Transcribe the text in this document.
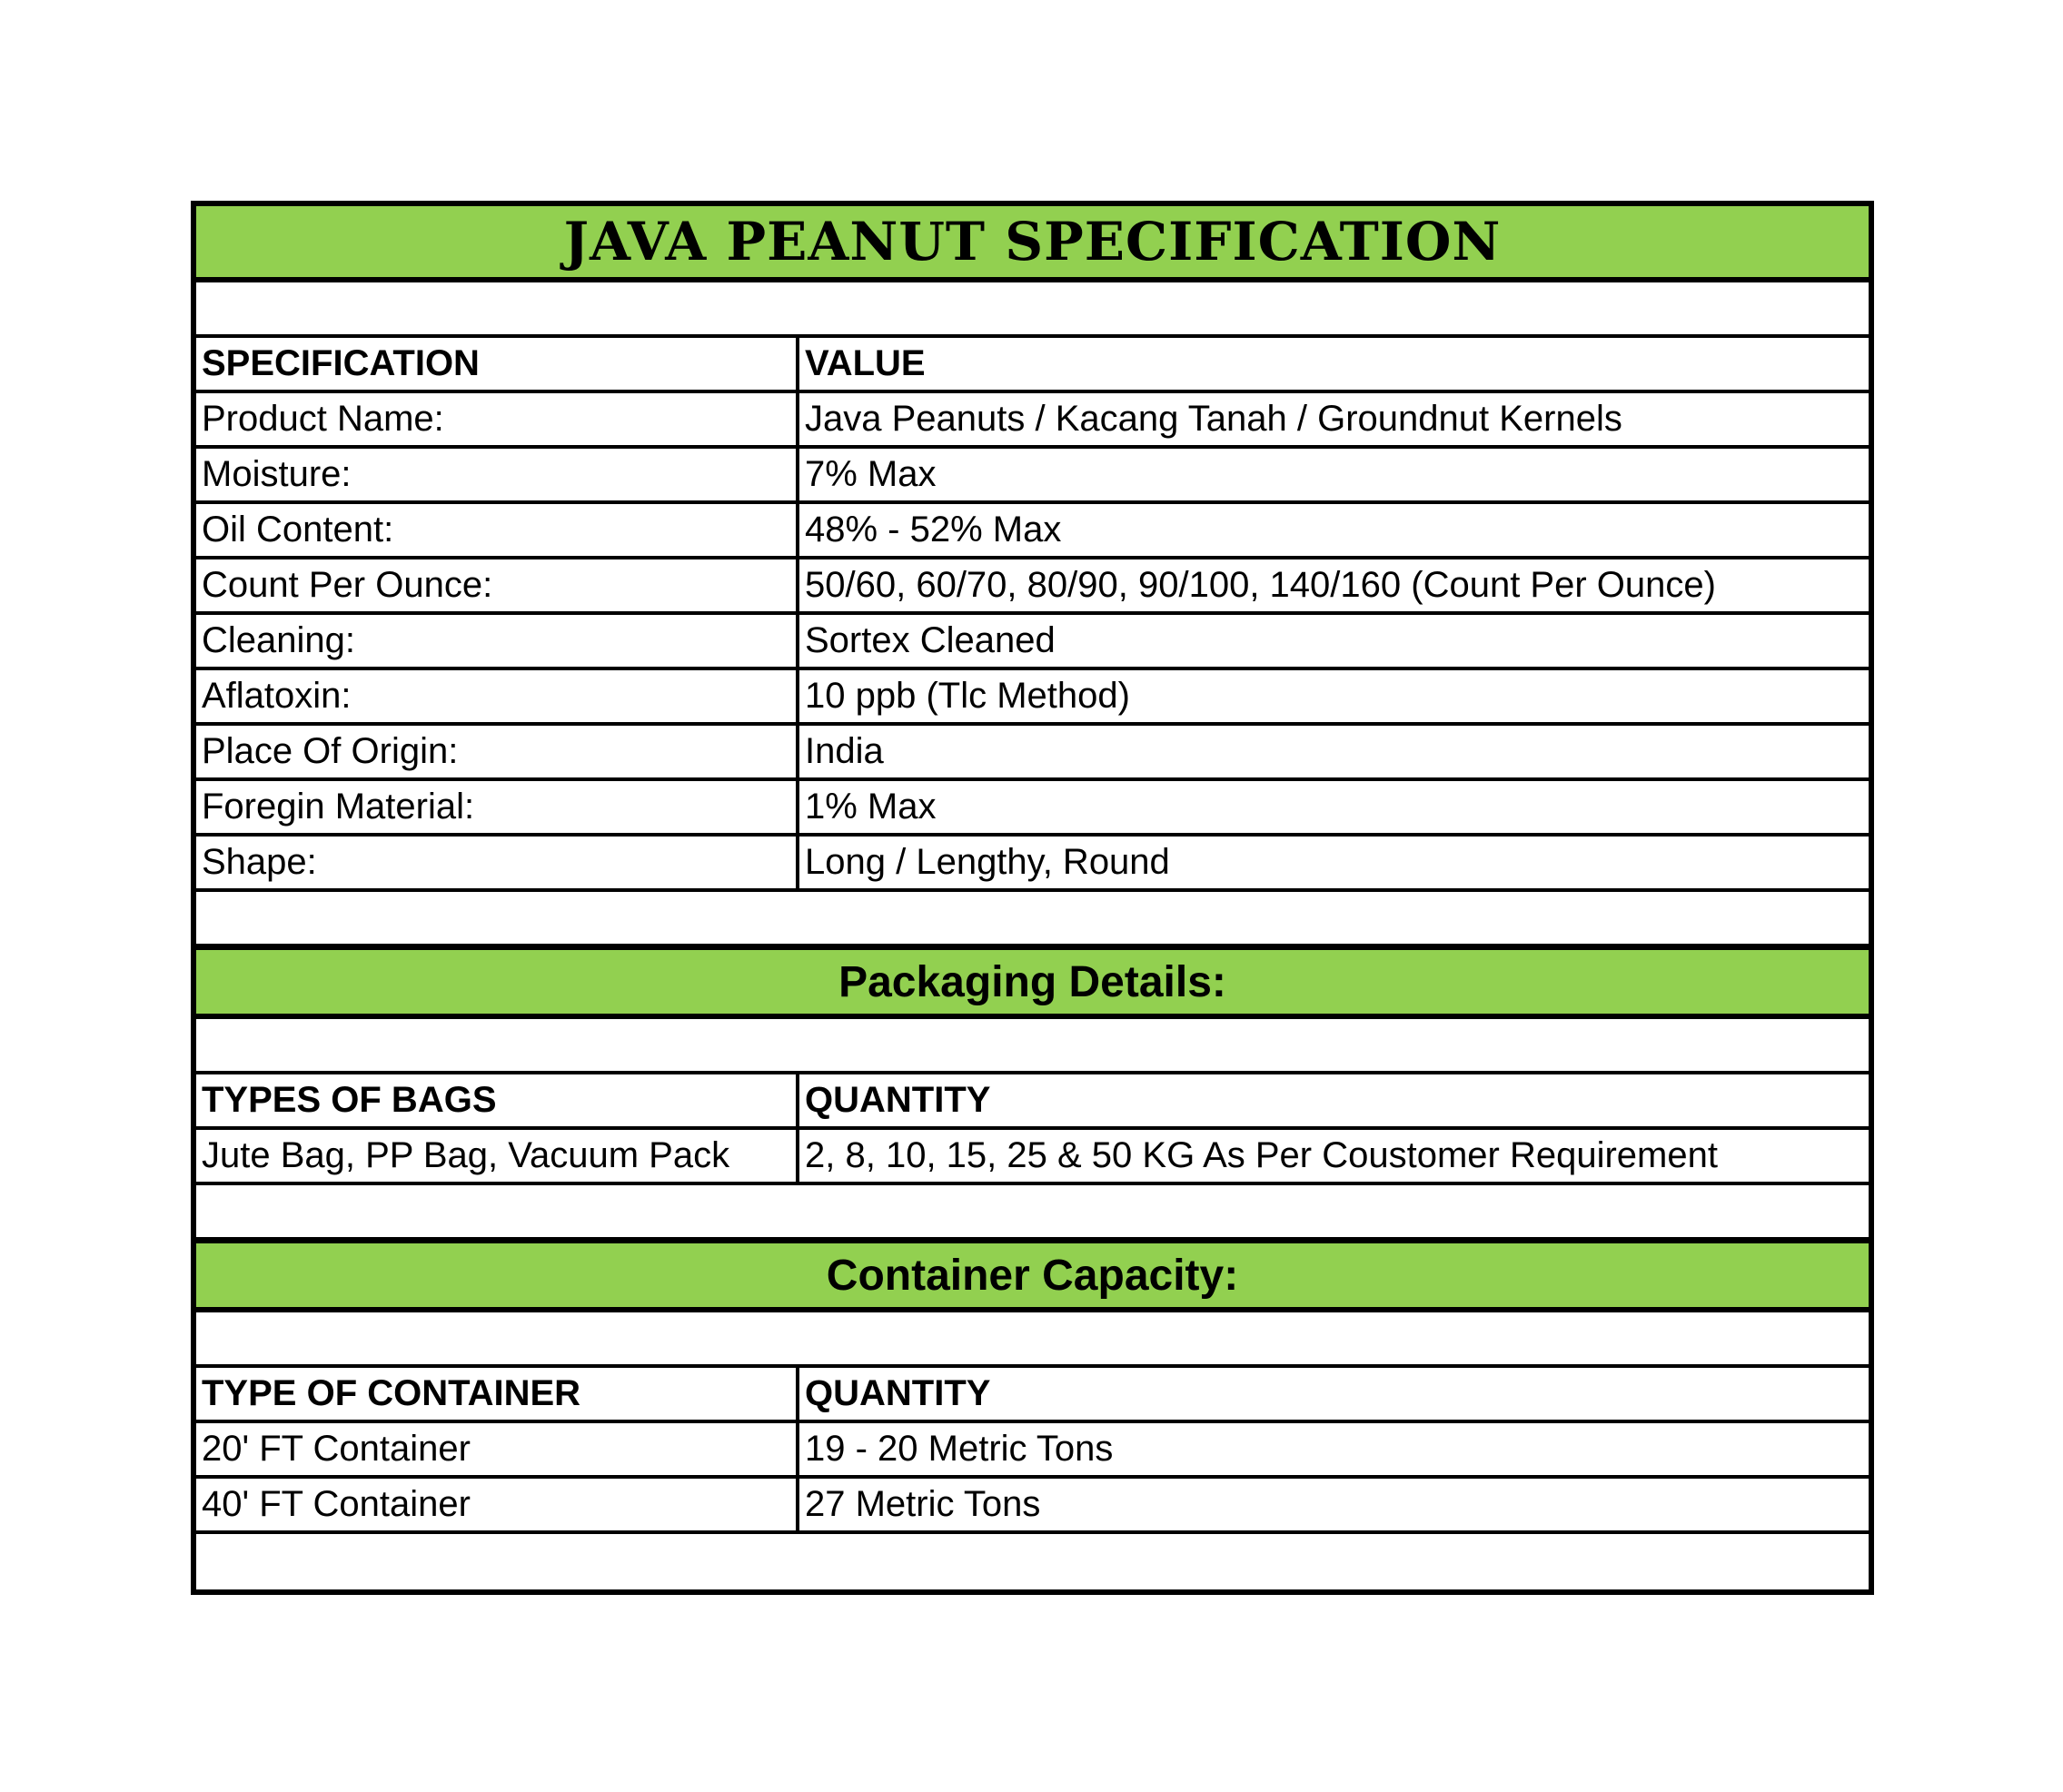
JAVA PEANUT SPECIFICATION
SPECIFICATION	VALUE
Product Name:	Java Peanuts / Kacang Tanah / Groundnut Kernels
Moisture:	7% Max
Oil Content:	48% - 52% Max
Count Per Ounce:	50/60, 60/70, 80/90, 90/100, 140/160 (Count Per Ounce)
Cleaning:	Sortex Cleaned
Aflatoxin:	10 ppb (Tlc Method)
Place Of Origin:	India
Foregin Material:	1% Max
Shape:	Long / Lengthy, Round
Packaging Details:
TYPES OF BAGS	QUANTITY
Jute Bag, PP Bag, Vacuum Pack	2, 8, 10, 15, 25 & 50 KG As Per Coustomer Requirement
Container Capacity:
TYPE OF CONTAINER	QUANTITY
20' FT Container	19 - 20 Metric Tons
40' FT Container	27 Metric Tons
